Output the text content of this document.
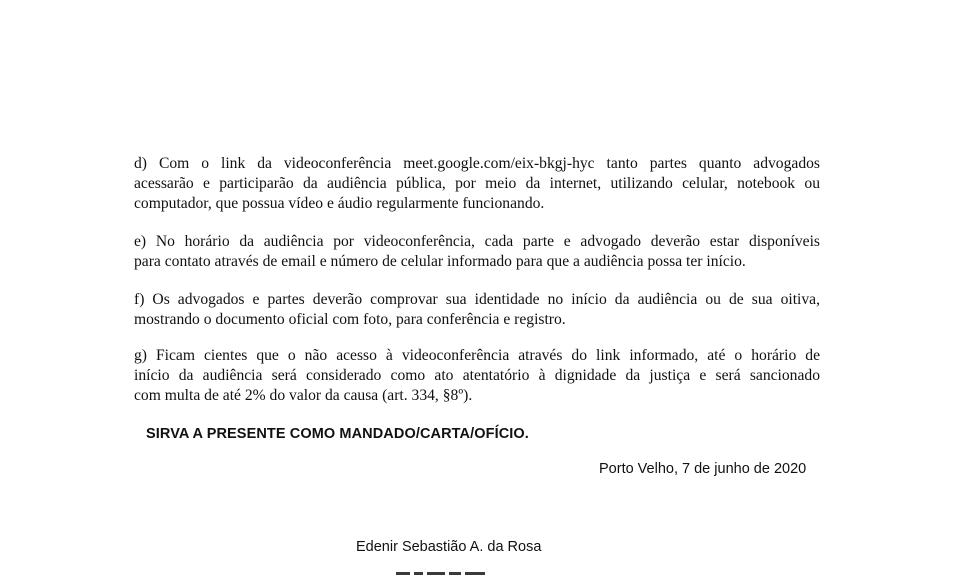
d) Com o link da videoconferência meet.google.com/eix-bkgj-hyc tanto partes quanto advogados
acessarão e participarão da audiência pública, por meio da internet, utilizando celular, notebook ou
computador, que possua vídeo e áudio regularmente funcionando.

e) No horário da audiência por videoconferência, cada parte e advogado deverão estar disponíveis
para contato através de email e número de celular informado para que a audiência possa ter início.

f) Os advogados e partes deverão comprovar sua identidade no início da audiência ou de sua oitiva,
mostrando o documento oficial com foto, para conferência e registro.

g) Ficam cientes que o não acesso à videoconferência através do link informado, até o horário de
início da audiência será considerado como ato atentatório à dignidade da justiça e será sancionado
com multa de até 2% do valor da causa (art. 334, §8º).

SIRVA A PRESENTE COMO MANDADO/CARTA/OFÍCIO.
Porto Velho, 7 de junho de 2020
Edenir Sebastião A. da Rosa
